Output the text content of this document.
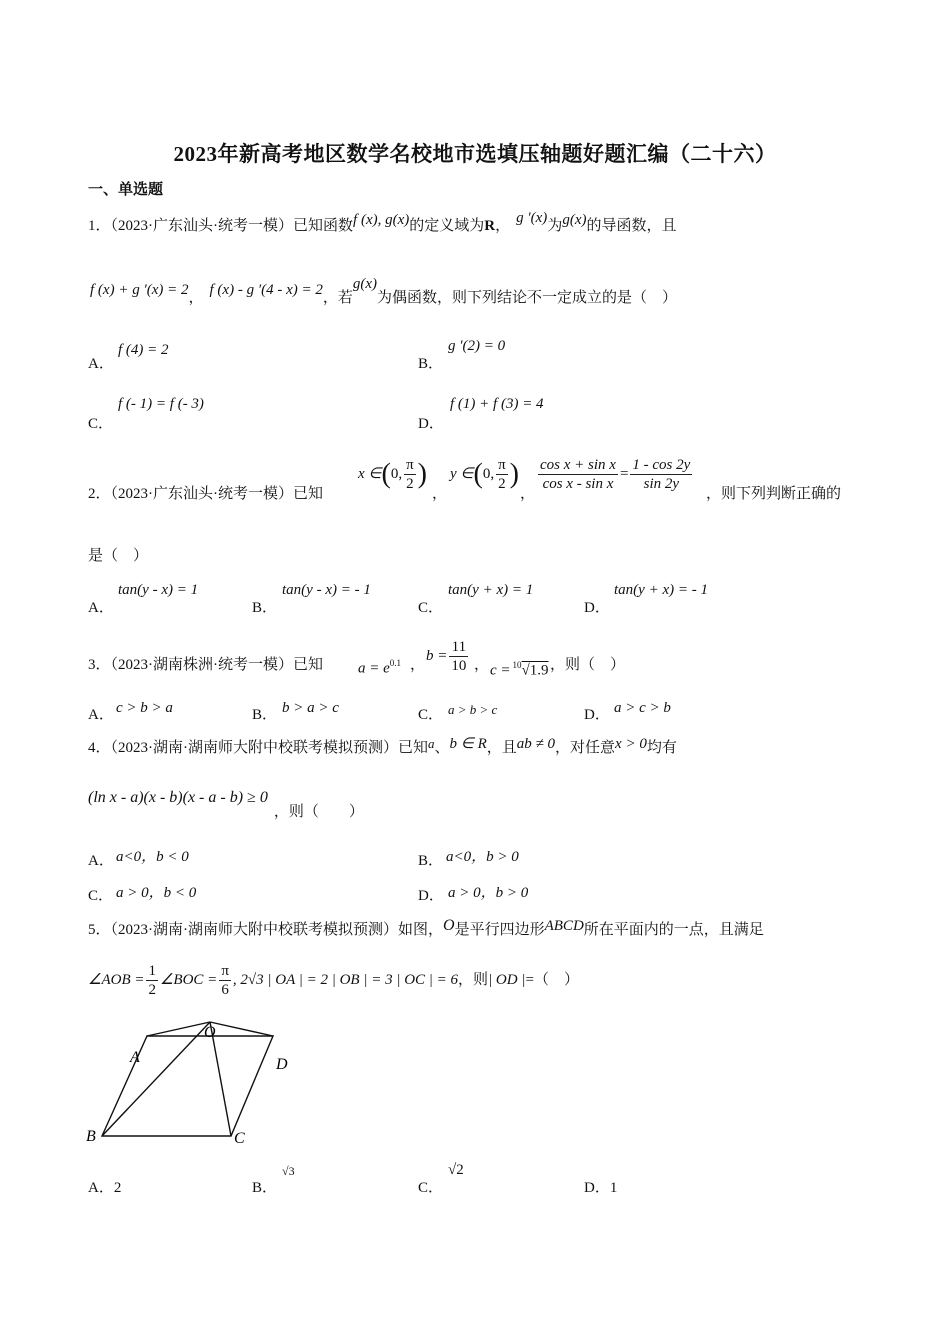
2023年新高考地区数学名校地市选填压轴题好题汇编（二十六）
一、单选题
1．（2023·广东汕头·统考一模）已知函数f (x), g(x)的定义域为R， g ′(x)为g(x)的导函数，且
f (x) + g ′(x) = 2， f (x) - g ′(4 - x) = 2，若g(x)为偶函数，则下列结论不一定成立的是（　）
A．
f (4) = 2
B．
g ′(2) = 0
C．
f (- 1) = f (- 3)
D．
f (1) + f (3) = 4
2．（2023·广东汕头·统考一模）已知
x ∈(0, $\frac{\pi}{2}$ )
，
y ∈(0, $\frac{\pi}{2}$ )
，
$\frac{\text{cos x + sin x}}{\text{cos x - sin x}} = \frac{1 - \cos 2y}{\sin 2y}$
，则下列判断正确的
是（　）
A．
tan(y - x) = 1
B．
tan(y - x) = - 1
C．
tan(y + x) = 1
D．
tan(y + x) = - 1
3．（2023·湖南株洲·统考一模）已知 $a = e^{0.1}$ ，
$b = \frac{11}{10}$ ， c = $^{10}$√1.9 ，则（　）
A． c > b > a	B． b > a > c	C． a > b > c	D． a > c > b
4．（2023·湖南·湖南师大附中校联考模拟预测）已知a、b ∈ R，且ab ≠ 0，对任意x > 0均有
(ln x - a)(x - b)(x - a - b) ≥ 0，则（　　）
A． a<0，b < 0	B． a<0，b > 0
C． a > 0，b < 0	D． a > 0，b > 0
5．（2023·湖南·湖南师大附中校联考模拟预测）如图，O是平行四边形ABCD所在平面内的一点，且满足
∠AOB = $\frac{1}{2}$ ∠BOC = $\frac{\pi}{6}$ , 2√3 | OA | = 2 | OB | = 3 | OC | = 6，则| OD |=（　）
O
A	D
B	C
A．2	B．
√3
C．
√2
D．1
